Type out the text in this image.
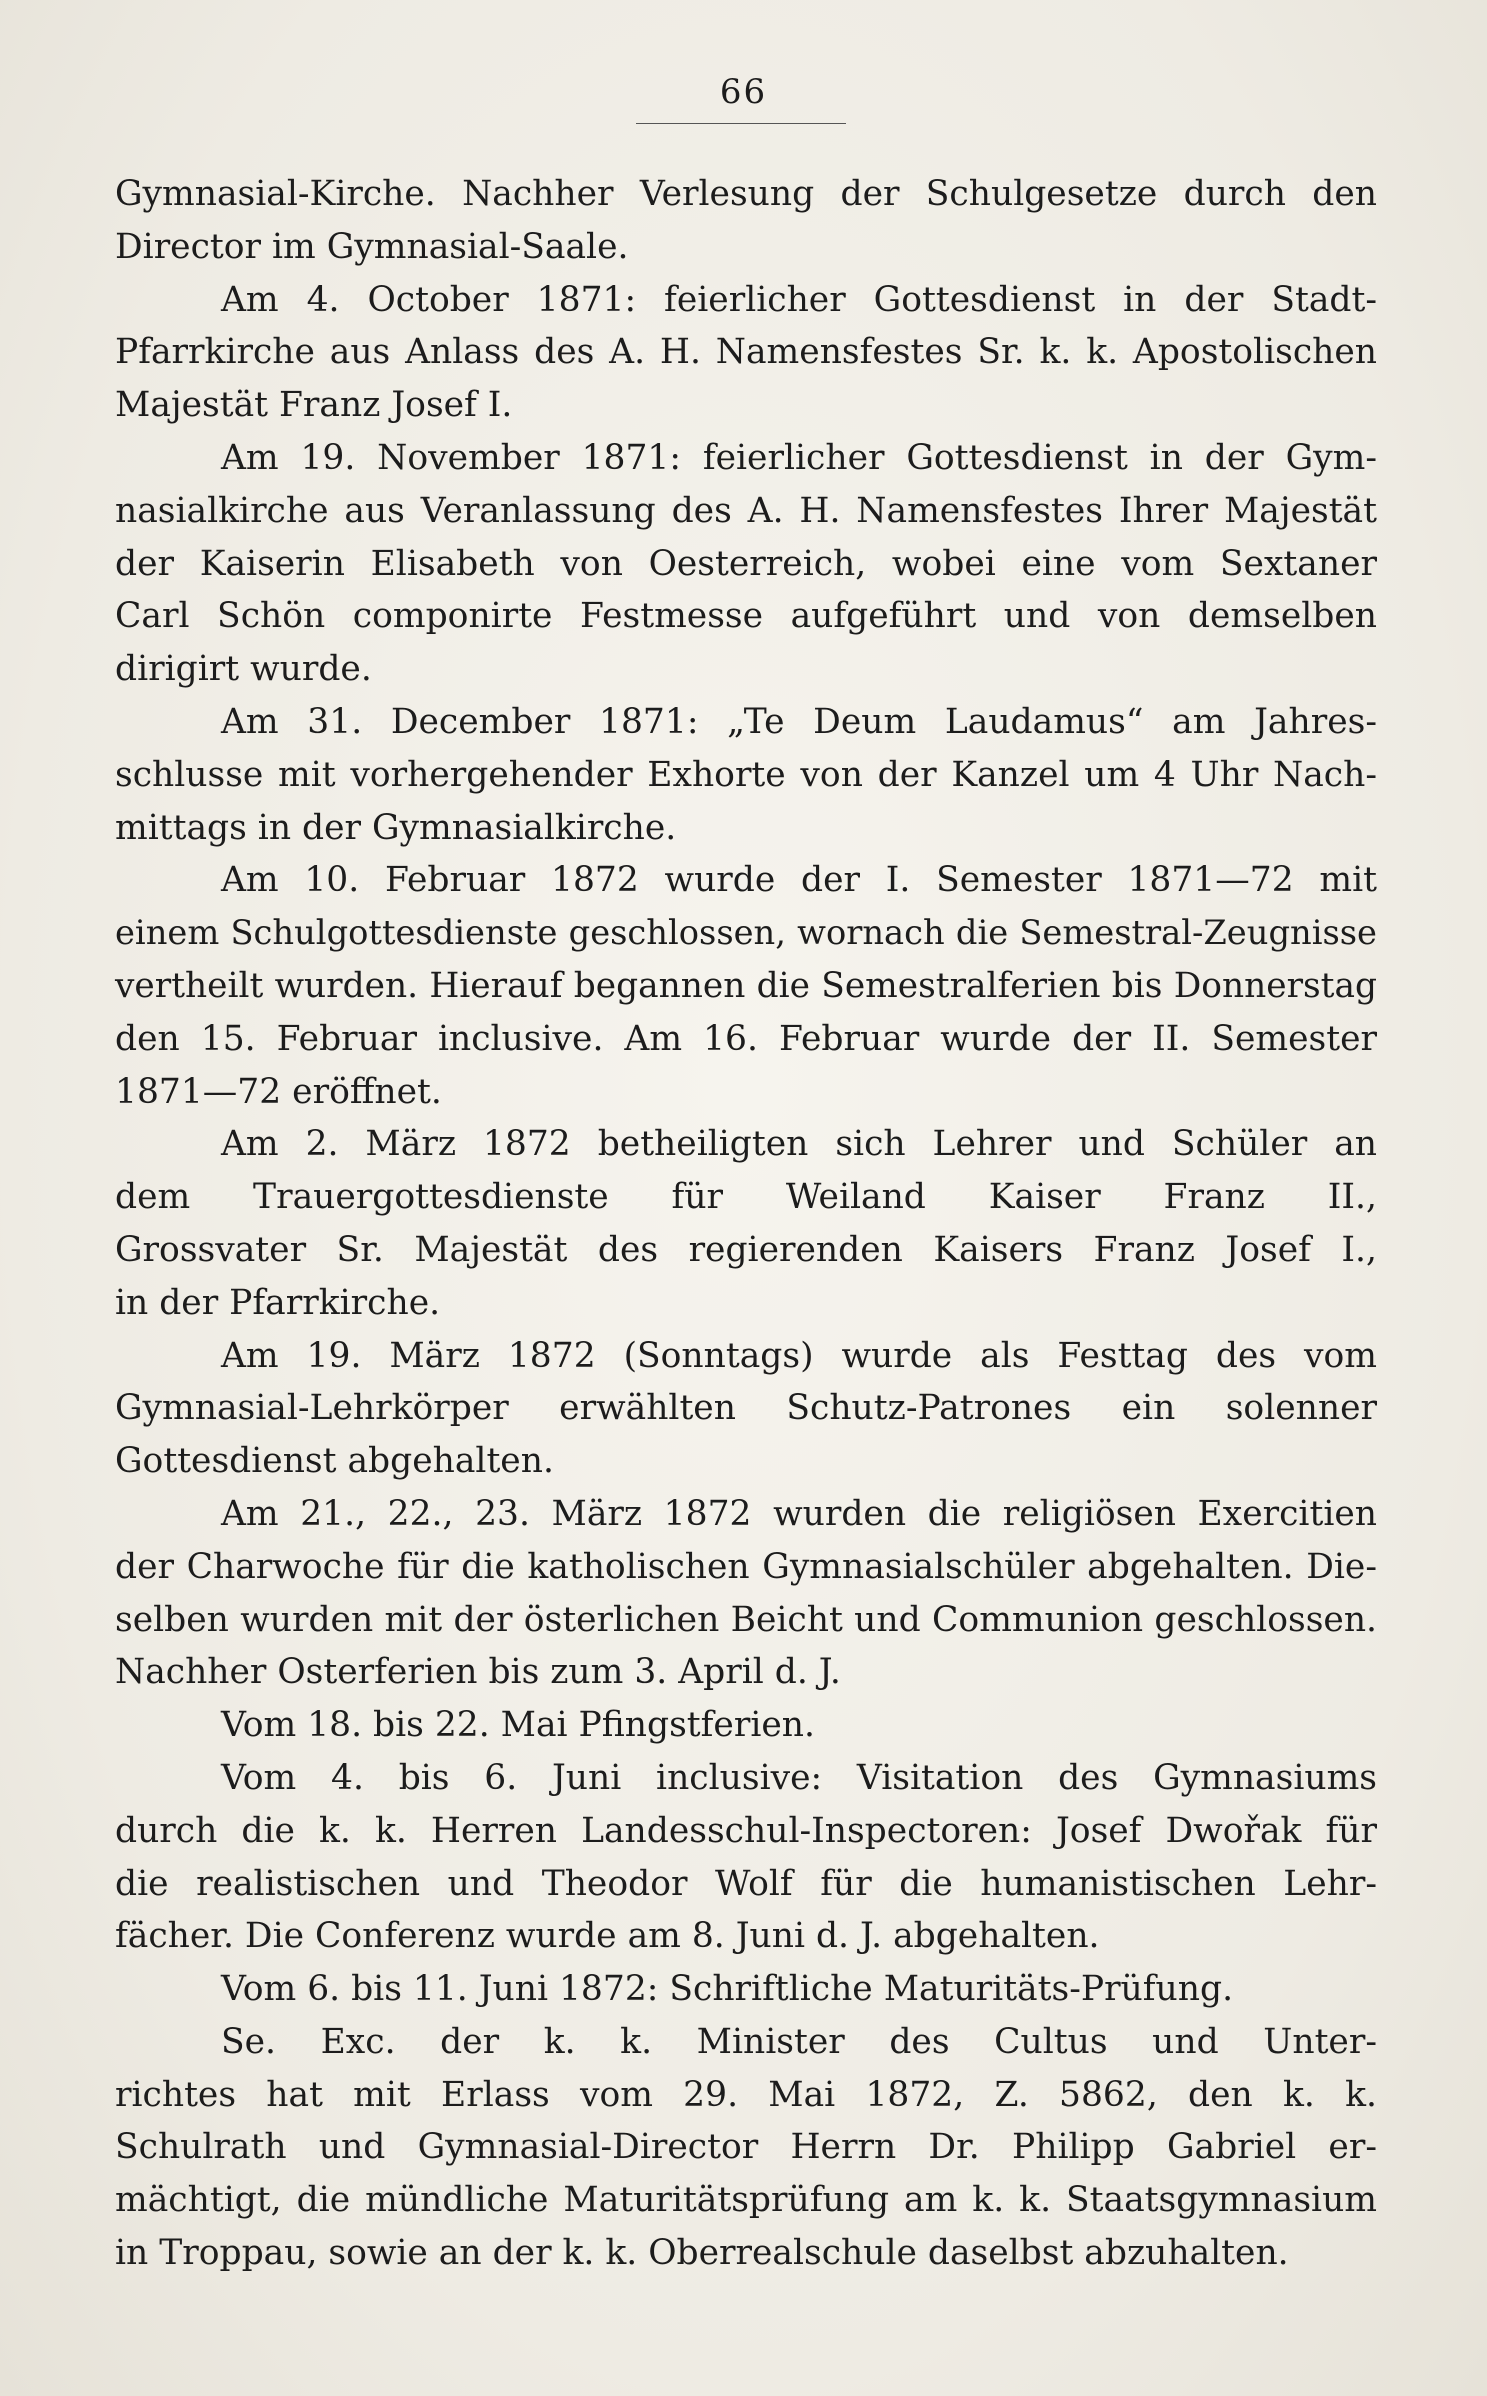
66

Gymnasial-Kirche. Nachher Verlesung der Schulgesetze durch den
Director im Gymnasial-Saale.

Am 4. October 1871: feierlicher Gottesdienst in der Stadt-
Pfarrkirche aus Anlass des A. H. Namensfestes Sr. k. k. Apostolischen
Majestät Franz Josef I.

Am 19. November 1871: feierlicher Gottesdienst in der Gym-
nasialkirche aus Veranlassung des A. H. Namensfestes Ihrer Majestät
der Kaiserin Elisabeth von Oesterreich, wobei eine vom Sextaner
Carl Schön componirte Festmesse aufgeführt und von demselben
dirigirt wurde.

Am 31. December 1871: „Te Deum Laudamus“ am Jahres-
schlusse mit vorhergehender Exhorte von der Kanzel um 4 Uhr Nach-
mittags in der Gymnasialkirche.

Am 10. Februar 1872 wurde der I. Semester 1871—72 mit
einem Schulgottesdienste geschlossen, wornach die Semestral-Zeugnisse
vertheilt wurden. Hierauf begannen die Semestralferien bis Donnerstag
den 15. Februar inclusive. Am 16. Februar wurde der II. Semester
1871—72 eröffnet.

Am 2. März 1872 betheiligten sich Lehrer und Schüler an
dem Trauergottesdienste für Weiland Kaiser Franz II.,
Grossvater Sr. Majestät des regierenden Kaisers Franz Josef I.,
in der Pfarrkirche.

Am 19. März 1872 (Sonntags) wurde als Festtag des vom
Gymnasial-Lehrkörper erwählten Schutz-Patrones ein solenner
Gottesdienst abgehalten.

Am 21., 22., 23. März 1872 wurden die religiösen Exercitien
der Charwoche für die katholischen Gymnasialschüler abgehalten. Die-
selben wurden mit der österlichen Beicht und Communion geschlossen.
Nachher Osterferien bis zum 3. April d. J.

Vom 18. bis 22. Mai Pfingstferien.

Vom 4. bis 6. Juni inclusive: Visitation des Gymnasiums
durch die k. k. Herren Landesschul-Inspectoren: Josef Dwořak für
die realistischen und Theodor Wolf für die humanistischen Lehr-
fächer. Die Conferenz wurde am 8. Juni d. J. abgehalten.

Vom 6. bis 11. Juni 1872: Schriftliche Maturitäts-Prüfung.

Se. Exc. der k. k. Minister des Cultus und Unter-
richtes hat mit Erlass vom 29. Mai 1872, Z. 5862, den k. k.
Schulrath und Gymnasial-Director Herrn Dr. Philipp Gabriel er-
mächtigt, die mündliche Maturitätsprüfung am k. k. Staatsgymnasium
in Troppau, sowie an der k. k. Oberrealschule daselbst abzuhalten.
